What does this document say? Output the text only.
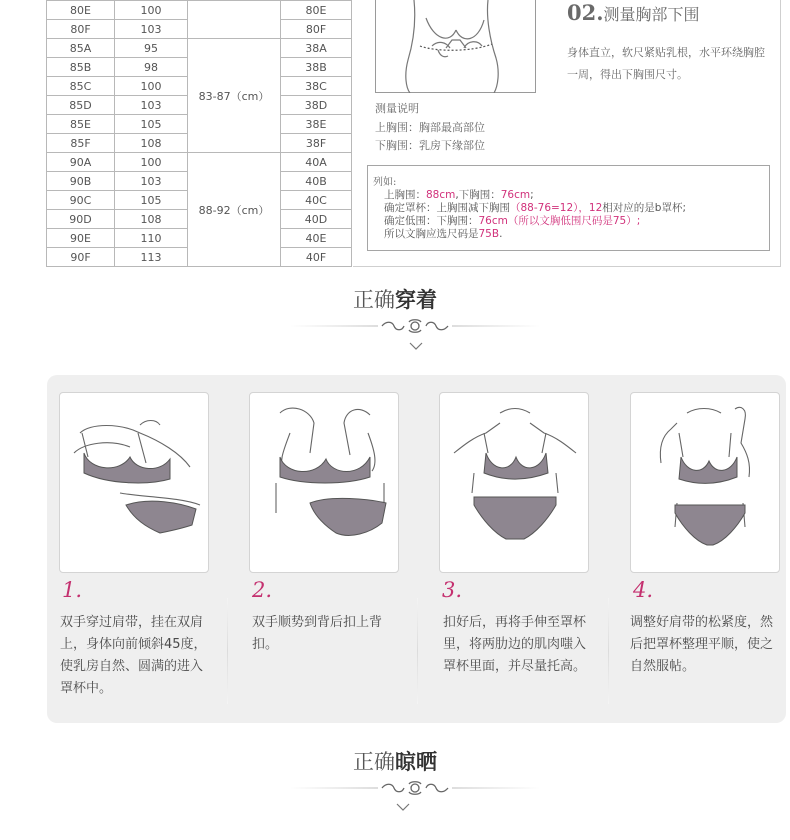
80E	100		80E
80F	103		80F
85A	95	83-87（cm）	38A
85B	98		38B
85C	100		38C
85D	103		38D
85E	105		38E
85F	108		38F
90A	100	88-92（cm）	40A
90B	103		40B
90C	105		40C
90D	108		40D
90E	110		40E
90F	113		40F
02.测量胸部下围
身体直立，软尺紧贴乳根，水平环绕胸腔一周，得出下胸围尺寸。
测量说明
上胸围：胸部最高部位
下胸围：乳房下缘部位
列如:
上胸围：88cm,下胸围：76cm;
确定罩杯：上胸围减下胸围（88-76=12），12相对应的是b罩杯;
确定低围：下胸围：76cm（所以文胸低围尺码是75）;
所以文胸应选尺码是75B.
正确穿着
1.	2.	3.	4.
双手穿过肩带，挂在双肩上，身体向前倾斜45度，使乳房自然、圆满的进入罩杯中。
双手顺势到背后扣上背扣。
扣好后，再将手伸至罩杯里，将两肋边的肌肉嗤入罩杯里面，并尽量托高。
调整好肩带的松紧度，然后把罩杯整理平顺，使之自然服帖。
正确晾晒
